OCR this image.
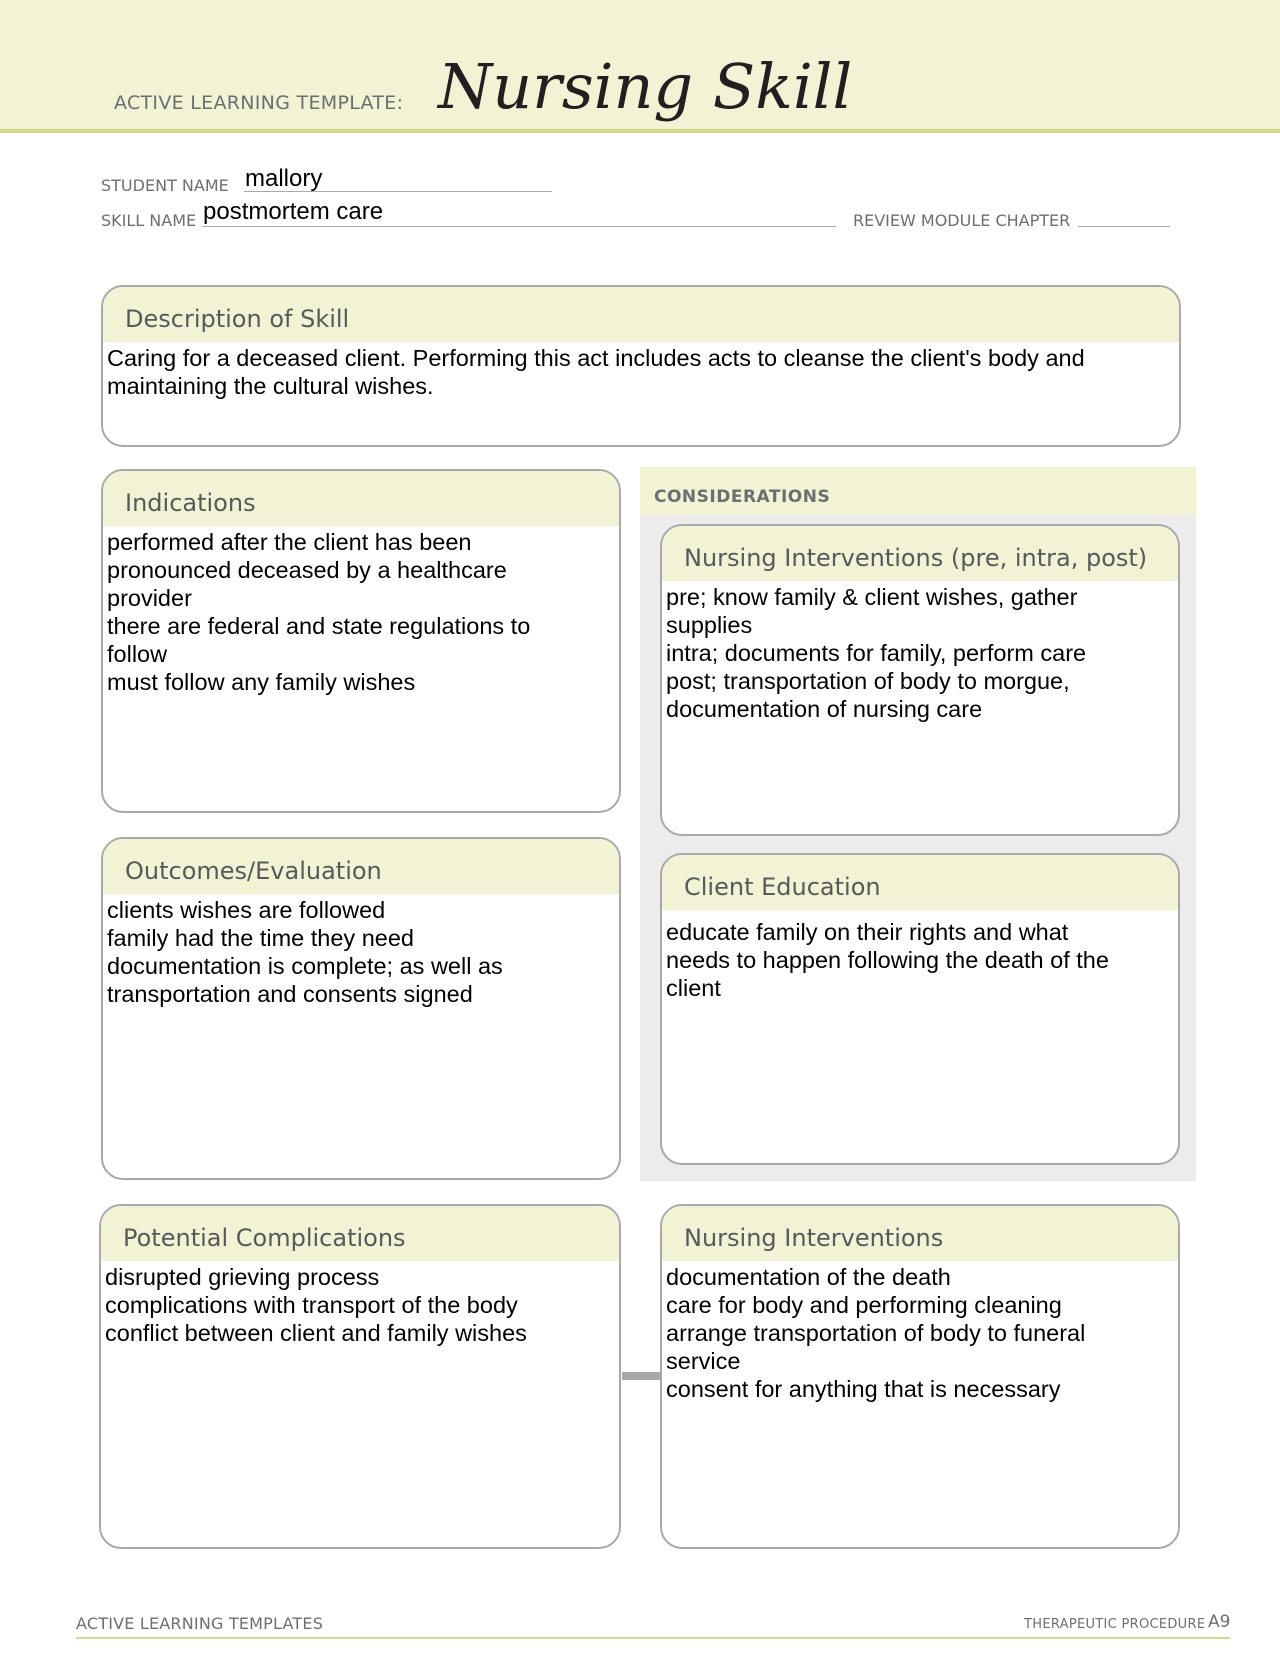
ACTIVE LEARNING TEMPLATE: Nursing Skill
STUDENT NAME mallory
SKILL NAME postmortem care	REVIEW MODULE CHAPTER
Description of Skill
Caring for a deceased client. Performing this act includes acts to cleanse the client's body and
maintaining the cultural wishes.
Indications
performed after the client has been
pronounced deceased by a healthcare
provider
there are federal and state regulations to
follow
must follow any family wishes
CONSIDERATIONS
Nursing Interventions (pre, intra, post)
pre; know family & client wishes, gather
supplies
intra; documents for family, perform care
post; transportation of body to morgue,
documentation of nursing care
Outcomes/Evaluation
clients wishes are followed
family had the time they need
documentation is complete; as well as
transportation and consents signed
Client Education
educate family on their rights and what
needs to happen following the death of the
client
Potential Complications
disrupted grieving process
complications with transport of the body
conflict between client and family wishes
Nursing Interventions
documentation of the death
care for body and performing cleaning
arrange transportation of body to funeral
service
consent for anything that is necessary
ACTIVE LEARNING TEMPLATES	THERAPEUTIC PROCEDURE A9
